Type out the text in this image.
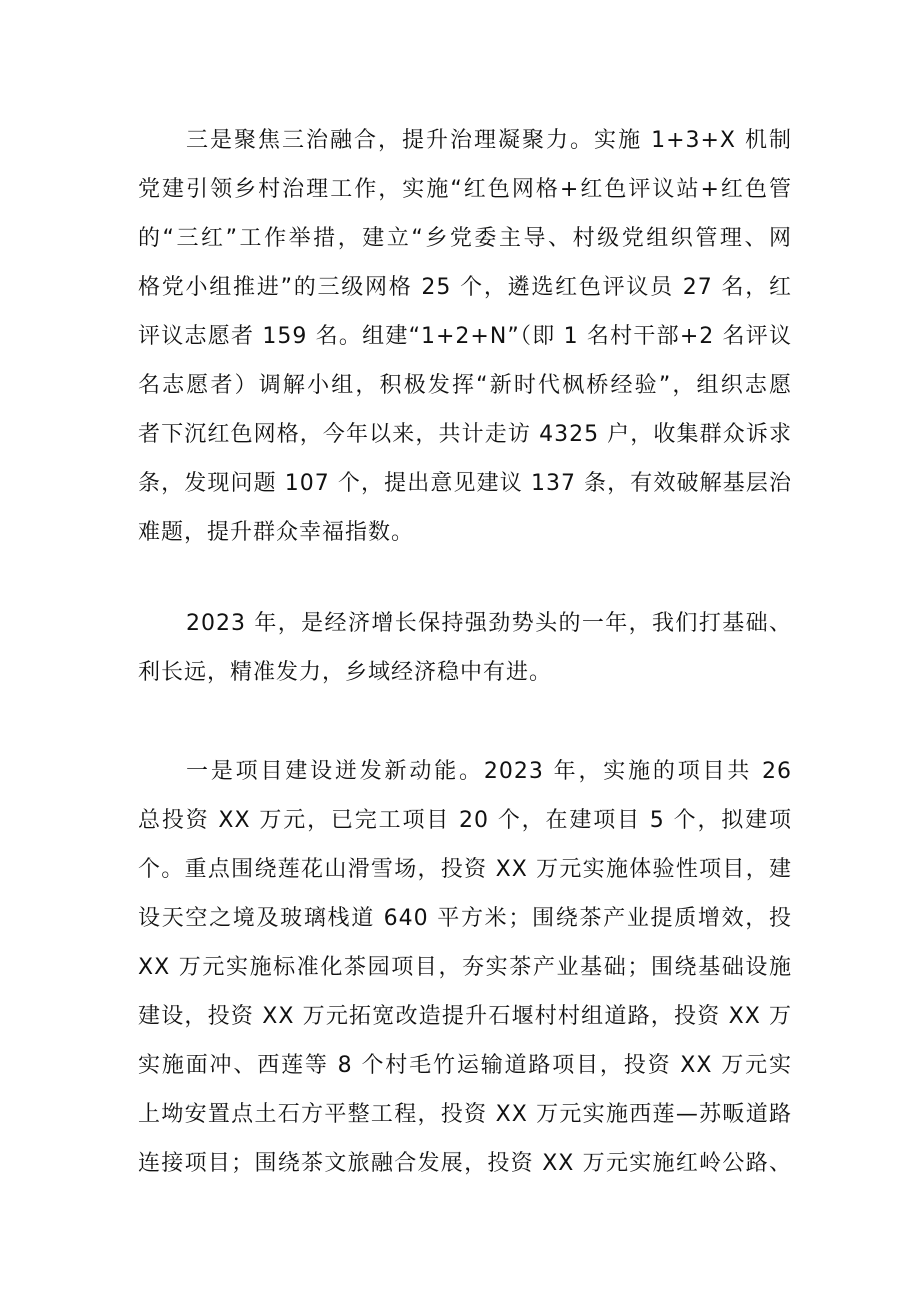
三是聚焦三治融合，提升治理凝聚力。实施 1+3+X 机制
党建引领乡村治理工作，实施“红色网格+红色评议站+红色管
的“三红”工作举措，建立“乡党委主导、村级党组织管理、网
格党小组推进”的三级网格 25 个，遴选红色评议员 27 名，红
评议志愿者 159 名。组建“1+2+N”（即 1 名村干部+2 名评议
名志愿者）调解小组，积极发挥“新时代枫桥经验”，组织志愿
者下沉红色网格，今年以来，共计走访 4325 户，收集群众诉求
条，发现问题 107 个，提出意见建议 137 条，有效破解基层治
难题，提升群众幸福指数。
2023 年，是经济增长保持强劲势头的一年，我们打基础、
利长远，精准发力，乡域经济稳中有进。
一是项目建设迸发新动能。2023 年，实施的项目共 26
总投资 XX 万元，已完工项目 20 个，在建项目 5 个，拟建项
个。重点围绕莲花山滑雪场，投资 XX 万元实施体验性项目，建
设天空之境及玻璃栈道 640 平方米；围绕茶产业提质增效，投
XX 万元实施标准化茶园项目，夯实茶产业基础；围绕基础设施
建设，投资 XX 万元拓宽改造提升石堰村村组道路，投资 XX 万
实施面冲、西莲等 8 个村毛竹运输道路项目，投资 XX 万元实
上坳安置点土石方平整工程，投资 XX 万元实施西莲—苏畈道路
连接项目；围绕茶文旅融合发展，投资 XX 万元实施红岭公路、
